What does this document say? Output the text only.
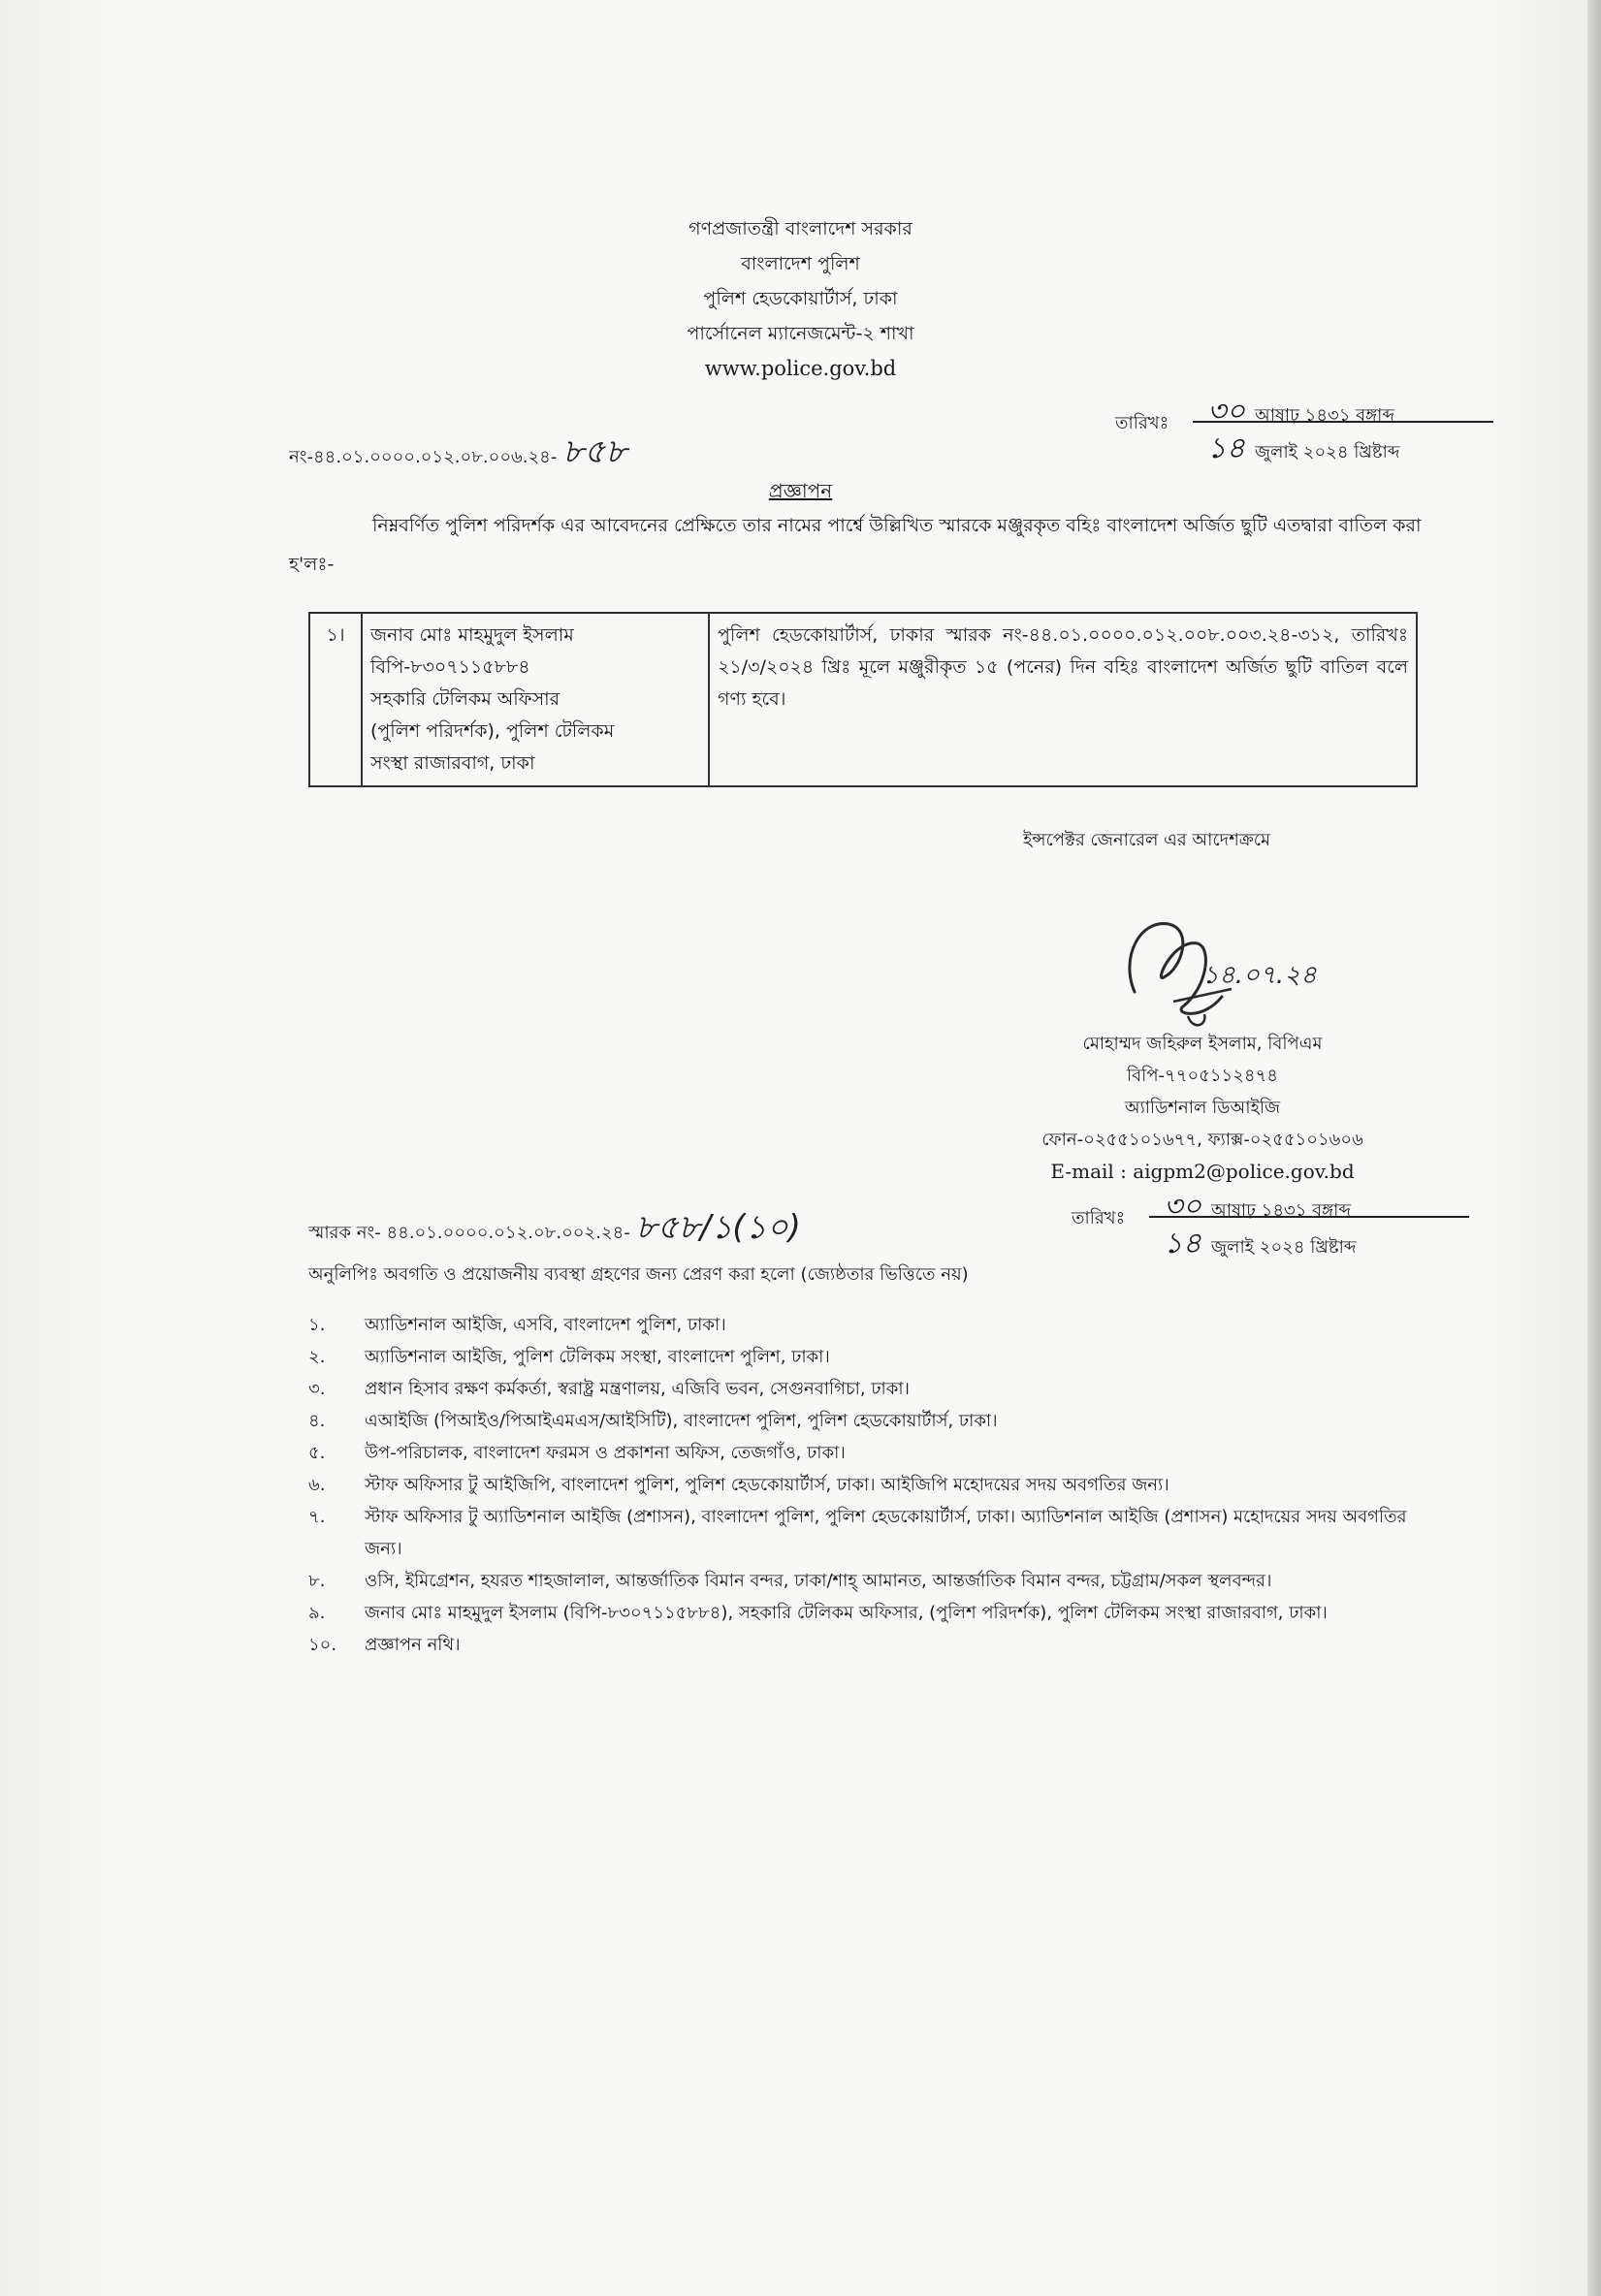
গণপ্রজাতন্ত্রী বাংলাদেশ সরকার
বাংলাদেশ পুলিশ
পুলিশ হেডকোয়ার্টার্স, ঢাকা
পার্সোনেল ম্যানেজমেন্ট-২ শাখা
www.police.gov.bd
নং-৪৪.০১.০০০০.০১২.০৮.০০৬.২৪- ৮৫৮
তারিখঃ ৩০ আষাঢ় ১৪৩১ বঙ্গাব্দ
১৪ জুলাই ২০২৪ খ্রিষ্টাব্দ
প্রজ্ঞাপন
নিম্নবর্ণিত পুলিশ পরিদর্শক এর আবেদনের প্রেক্ষিতে তার নামের পার্শ্বে উল্লিখিত স্মারকে মঞ্জুরকৃত বহিঃ বাংলাদেশ অর্জিত ছুটি এতদ্বারা বাতিল করা হ'লঃ-
১।	জনাব মোঃ মাহমুদুল ইসলাম
বিপি-৮৩০৭১১৫৮৮৪
সহকারি টেলিকম অফিসার
(পুলিশ পরিদর্শক), পুলিশ টেলিকম
সংস্থা রাজারবাগ, ঢাকা
	পুলিশ হেডকোয়ার্টার্স, ঢাকার স্মারক নং-৪৪.০১.০০০০.০১২.০০৮.০০৩.২৪-৩১২, তারিখঃ ২১/৩/২০২৪ খ্রিঃ মূলে মঞ্জুরীকৃত ১৫ (পনের) দিন বহিঃ বাংলাদেশ অর্জিত ছুটি বাতিল বলে গণ্য হবে।
ইন্সপেক্টর জেনারেল এর আদেশক্রমে
১৪.০৭.২৪
মোহাম্মদ জহিরুল ইসলাম, বিপিএম
বিপি-৭৭০৫১১২৪৭৪
অ্যাডিশনাল ডিআইজি
ফোন-০২৫৫১০১৬৭৭, ফ্যাক্স-০২৫৫১০১৬০৬
E-mail : aigpm2@police.gov.bd
স্মারক নং- ৪৪.০১.০০০০.০১২.০৮.০০২.২৪- ৮৫৮/১(১০)	তারিখঃ ৩০ আষাঢ় ১৪৩১ বঙ্গাব্দ
১৪ জুলাই ২০২৪ খ্রিষ্টাব্দ
অনুলিপিঃ অবগতি ও প্রয়োজনীয় ব্যবস্থা গ্রহণের জন্য প্রেরণ করা হলো (জ্যেষ্ঠতার ভিত্তিতে নয়)
১. অ্যাডিশনাল আইজি, এসবি, বাংলাদেশ পুলিশ, ঢাকা।
২. অ্যাডিশনাল আইজি, পুলিশ টেলিকম সংস্থা, বাংলাদেশ পুলিশ, ঢাকা।
৩. প্রধান হিসাব রক্ষণ কর্মকর্তা, স্বরাষ্ট্র মন্ত্রণালয়, এজিবি ভবন, সেগুনবাগিচা, ঢাকা।
৪. এআইজি (পিআইও/পিআইএমএস/আইসিটি), বাংলাদেশ পুলিশ, পুলিশ হেডকোয়ার্টার্স, ঢাকা।
৫. উপ-পরিচালক, বাংলাদেশ ফরমস ও প্রকাশনা অফিস, তেজগাঁও, ঢাকা।
৬. স্টাফ অফিসার টু আইজিপি, বাংলাদেশ পুলিশ, পুলিশ হেডকোয়ার্টার্স, ঢাকা। আইজিপি মহোদয়ের সদয় অবগতির জন্য।
৭. স্টাফ অফিসার টু অ্যাডিশনাল আইজি (প্রশাসন), বাংলাদেশ পুলিশ, পুলিশ হেডকোয়ার্টার্স, ঢাকা। অ্যাডিশনাল আইজি (প্রশাসন) মহোদয়ের সদয় অবগতির জন্য।
৮. ওসি, ইমিগ্রেশন, হযরত শাহজালাল, আন্তর্জাতিক বিমান বন্দর, ঢাকা/শাহ্ আমানত, আন্তর্জাতিক বিমান বন্দর, চট্টগ্রাম/সকল স্থলবন্দর।
৯. জনাব মোঃ মাহমুদুল ইসলাম (বিপি-৮৩০৭১১৫৮৮৪), সহকারি টেলিকম অফিসার, (পুলিশ পরিদর্শক), পুলিশ টেলিকম সংস্থা রাজারবাগ, ঢাকা।
১০. প্রজ্ঞাপন নথি।
